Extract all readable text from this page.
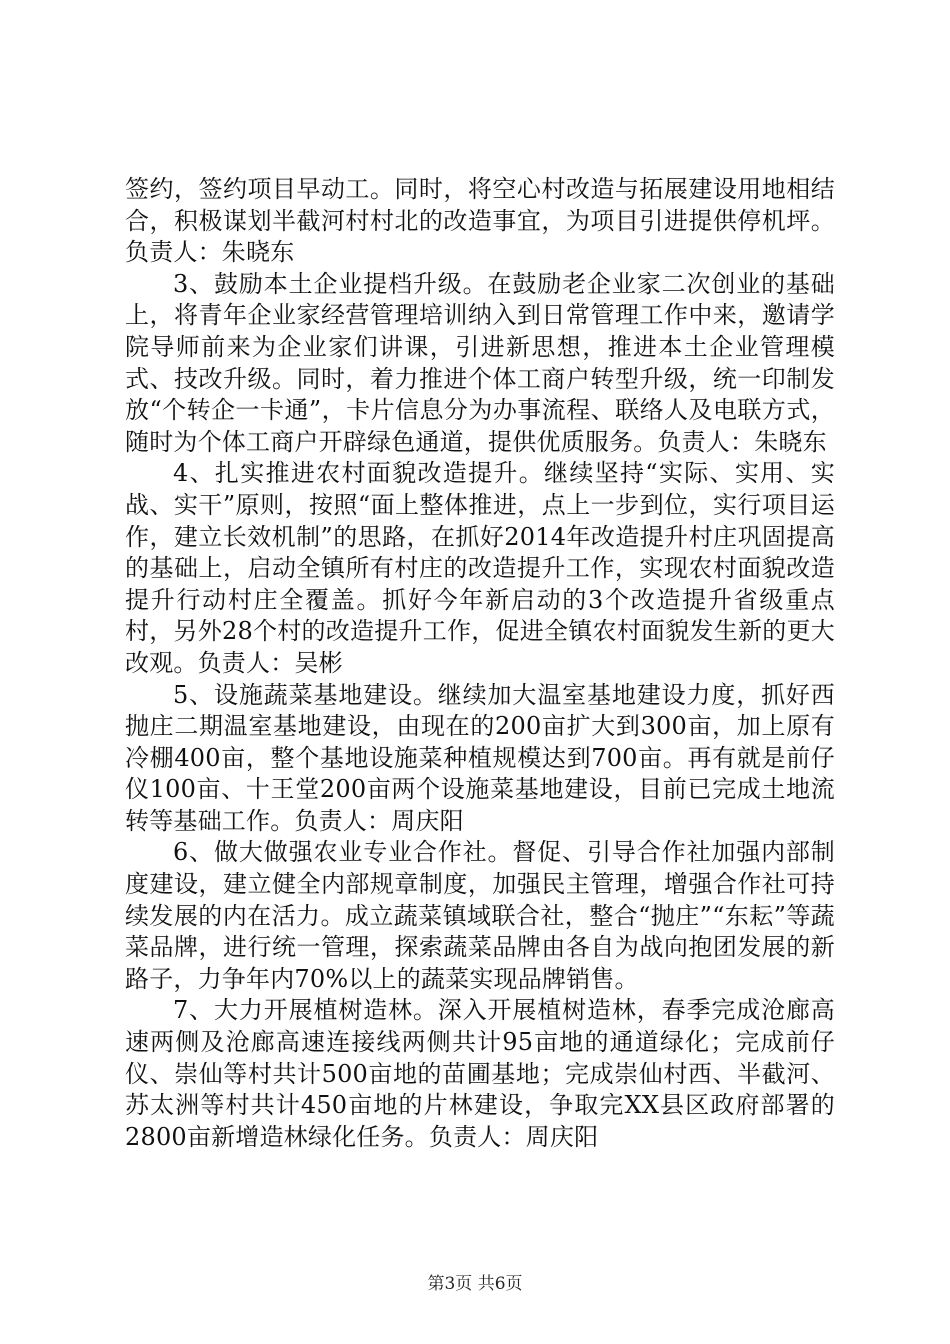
签约，签约项目早动工。同时，将空心村改造与拓展建设用地相结合，积极谋划半截河村村北的改造事宜，为项目引进提供停机坪。负责人：朱晓东

3、鼓励本土企业提档升级。在鼓励老企业家二次创业的基础上，将青年企业家经营管理培训纳入到日常管理工作中来，邀请学院导师前来为企业家们讲课，引进新思想，推进本土企业管理模式、技改升级。同时，着力推进个体工商户转型升级，统一印制发放“个转企一卡通”，卡片信息分为办事流程、联络人及电联方式，随时为个体工商户开辟绿色通道，提供优质服务。负责人：朱晓东

4、扎实推进农村面貌改造提升。继续坚持“实际、实用、实战、实干”原则，按照“面上整体推进，点上一步到位，实行项目运作，建立长效机制”的思路，在抓好2014年改造提升村庄巩固提高的基础上，启动全镇所有村庄的改造提升工作，实现农村面貌改造提升行动村庄全覆盖。抓好今年新启动的3个改造提升省级重点村，另外28个村的改造提升工作，促进全镇农村面貌发生新的更大改观。负责人：吴彬

5、设施蔬菜基地建设。继续加大温室基地建设力度，抓好西抛庄二期温室基地建设，由现在的200亩扩大到300亩，加上原有冷棚400亩，整个基地设施菜种植规模达到700亩。再有就是前仔仪100亩、十王堂200亩两个设施菜基地建设，目前已完成土地流转等基础工作。负责人：周庆阳

6、做大做强农业专业合作社。督促、引导合作社加强内部制度建设，建立健全内部规章制度，加强民主管理，增强合作社可持续发展的内在活力。成立蔬菜镇域联合社，整合“抛庄”“东耘”等蔬菜品牌，进行统一管理，探索蔬菜品牌由各自为战向抱团发展的新路子，力争年内70%以上的蔬菜实现品牌销售。

7、大力开展植树造林。深入开展植树造林，春季完成沧廊高速两侧及沧廊高速连接线两侧共计95亩地的通道绿化；完成前仔仪、崇仙等村共计500亩地的苗圃基地；完成崇仙村西、半截河、苏太洲等村共计450亩地的片林建设，争取完XX县区政府部署的2800亩新增造林绿化任务。负责人：周庆阳

第3页 共6页
